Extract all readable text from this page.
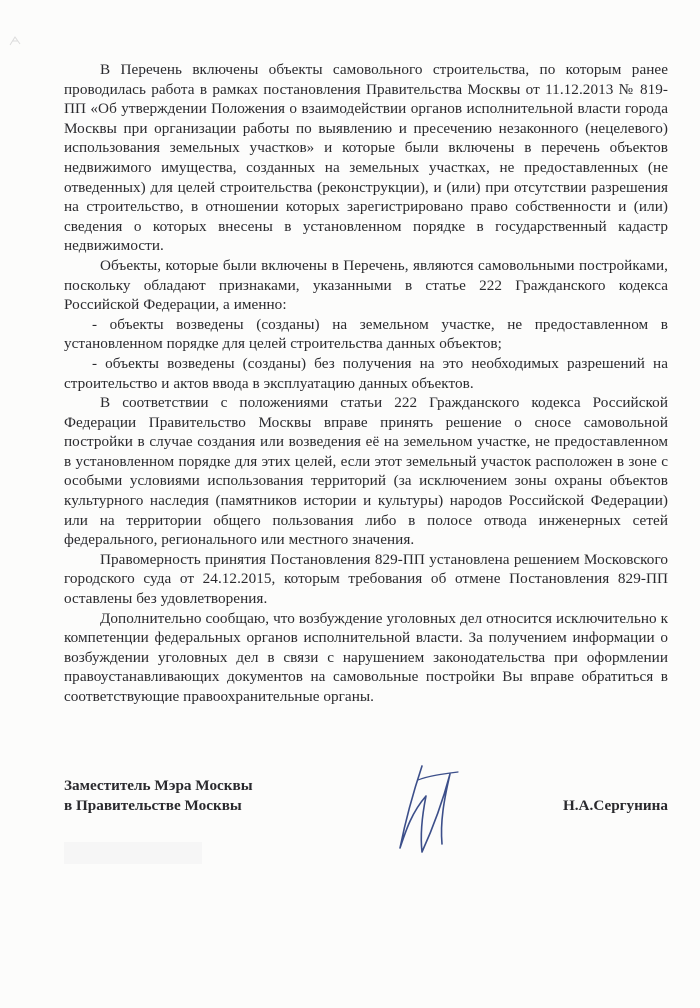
В Перечень включены объекты самовольного строительства, по которым ранее проводилась работа в рамках постановления Правительства Москвы от 11.12.2013 № 819-ПП «Об утверждении Положения о взаимодействии органов исполнительной власти города Москвы при организации работы по выявлению и пресечению незаконного (нецелевого) использования земельных участков» и которые были включены в перечень объектов недвижимого имущества, созданных на земельных участках, не предоставленных (не отведенных) для целей строительства (реконструкции), и (или) при отсутствии разрешения на строительство, в отношении которых зарегистрировано право собственности и (или) сведения о которых внесены в установленном порядке в государственный кадастр недвижимости.

Объекты, которые были включены в Перечень, являются самовольными постройками, поскольку обладают признаками, указанными в статье 222 Гражданского кодекса Российской Федерации, а именно:

- объекты возведены (созданы) на земельном участке, не предоставленном в установленном порядке для целей строительства данных объектов;

- объекты возведены (созданы) без получения на это необходимых разрешений на строительство и актов ввода в эксплуатацию данных объектов.

В соответствии с положениями статьи 222 Гражданского кодекса Российской Федерации Правительство Москвы вправе принять решение о сносе самовольной постройки в случае создания или возведения её на земельном участке, не предоставленном в установленном порядке для этих целей, если этот земельный участок расположен в зоне с особыми условиями использования территорий (за исключением зоны охраны объектов культурного наследия (памятников истории и культуры) народов Российской Федерации) или на территории общего пользования либо в полосе отвода инженерных сетей федерального, регионального или местного значения.

Правомерность принятия Постановления 829-ПП установлена решением Московского городского суда от 24.12.2015, которым требования об отмене Постановления 829-ПП оставлены без удовлетворения.

Дополнительно сообщаю, что возбуждение уголовных дел относится исключительно к компетенции федеральных органов исполнительной власти. За получением информации о возбуждении уголовных дел в связи с нарушением законодательства при оформлении правоустанавливающих документов на самовольные постройки Вы вправе обратиться в соответствующие правоохранительные органы.

Заместитель Мэра Москвы
в Правительстве Москвы	Н.А.Сергунина
